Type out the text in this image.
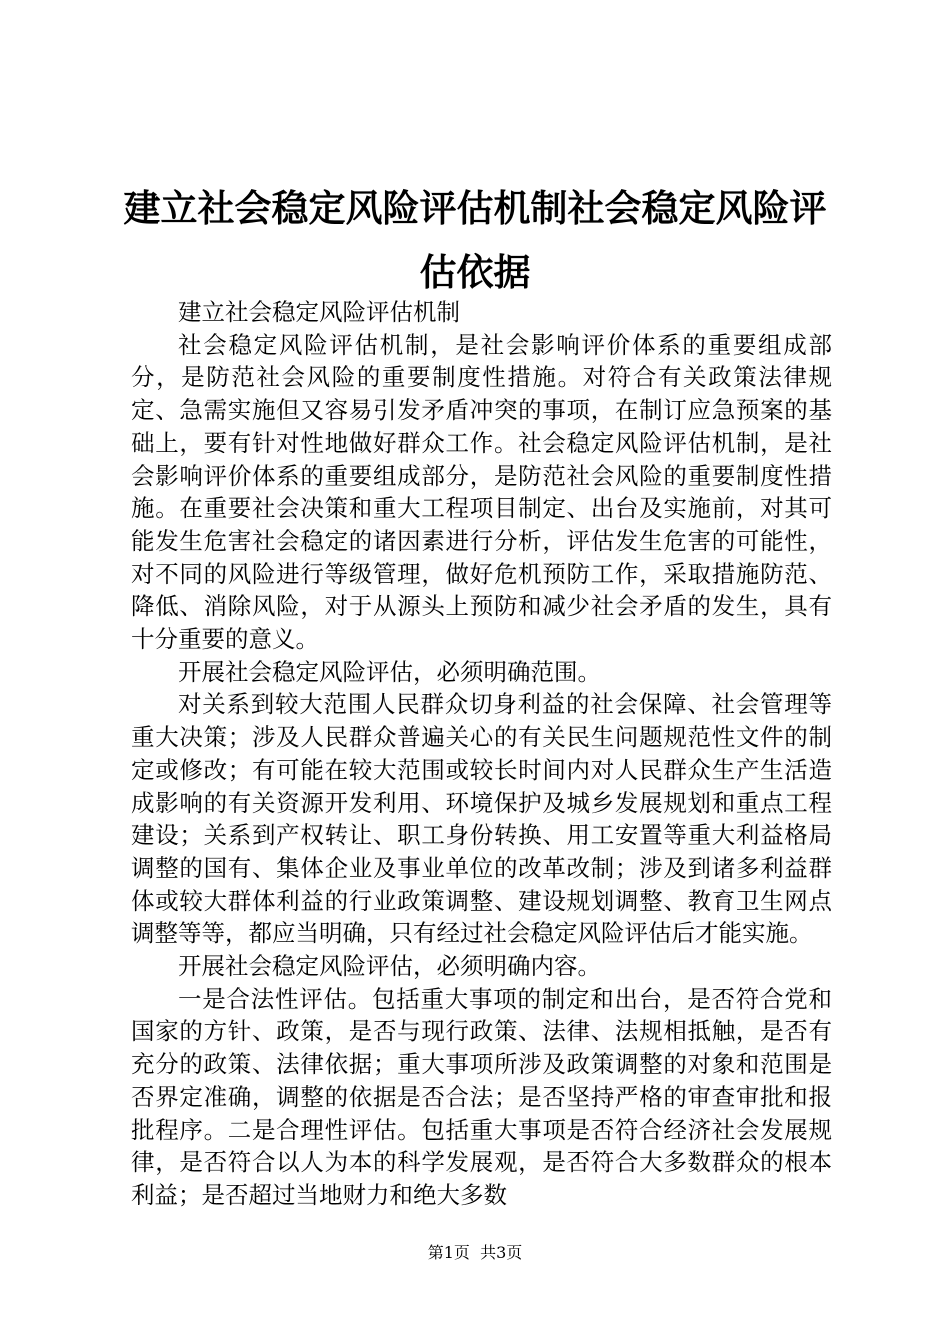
建立社会稳定风险评估机制社会稳定风险评估依据

建立社会稳定风险评估机制

社会稳定风险评估机制，是社会影响评价体系的重要组成部分，是防范社会风险的重要制度性措施。对符合有关政策法律规定、急需实施但又容易引发矛盾冲突的事项，在制订应急预案的基础上，要有针对性地做好群众工作。社会稳定风险评估机制，是社会影响评价体系的重要组成部分，是防范社会风险的重要制度性措施。在重要社会决策和重大工程项目制定、出台及实施前，对其可能发生危害社会稳定的诸因素进行分析，评估发生危害的可能性，对不同的风险进行等级管理，做好危机预防工作，采取措施防范、降低、消除风险，对于从源头上预防和减少社会矛盾的发生，具有十分重要的意义。

开展社会稳定风险评估，必须明确范围。

对关系到较大范围人民群众切身利益的社会保障、社会管理等重大决策；涉及人民群众普遍关心的有关民生问题规范性文件的制定或修改；有可能在较大范围或较长时间内对人民群众生产生活造成影响的有关资源开发利用、环境保护及城乡发展规划和重点工程建设；关系到产权转让、职工身份转换、用工安置等重大利益格局调整的国有、集体企业及事业单位的改革改制；涉及到诸多利益群体或较大群体利益的行业政策调整、建设规划调整、教育卫生网点调整等等，都应当明确，只有经过社会稳定风险评估后才能实施。

开展社会稳定风险评估，必须明确内容。

一是合法性评估。包括重大事项的制定和出台，是否符合党和国家的方针、政策，是否与现行政策、法律、法规相抵触，是否有充分的政策、法律依据；重大事项所涉及政策调整的对象和范围是否界定准确，调整的依据是否合法；是否坚持严格的审查审批和报批程序。二是合理性评估。包括重大事项是否符合经济社会发展规律，是否符合以人为本的科学发展观，是否符合大多数群众的根本利益；是否超过当地财力和绝大多数

第1页 共3页
